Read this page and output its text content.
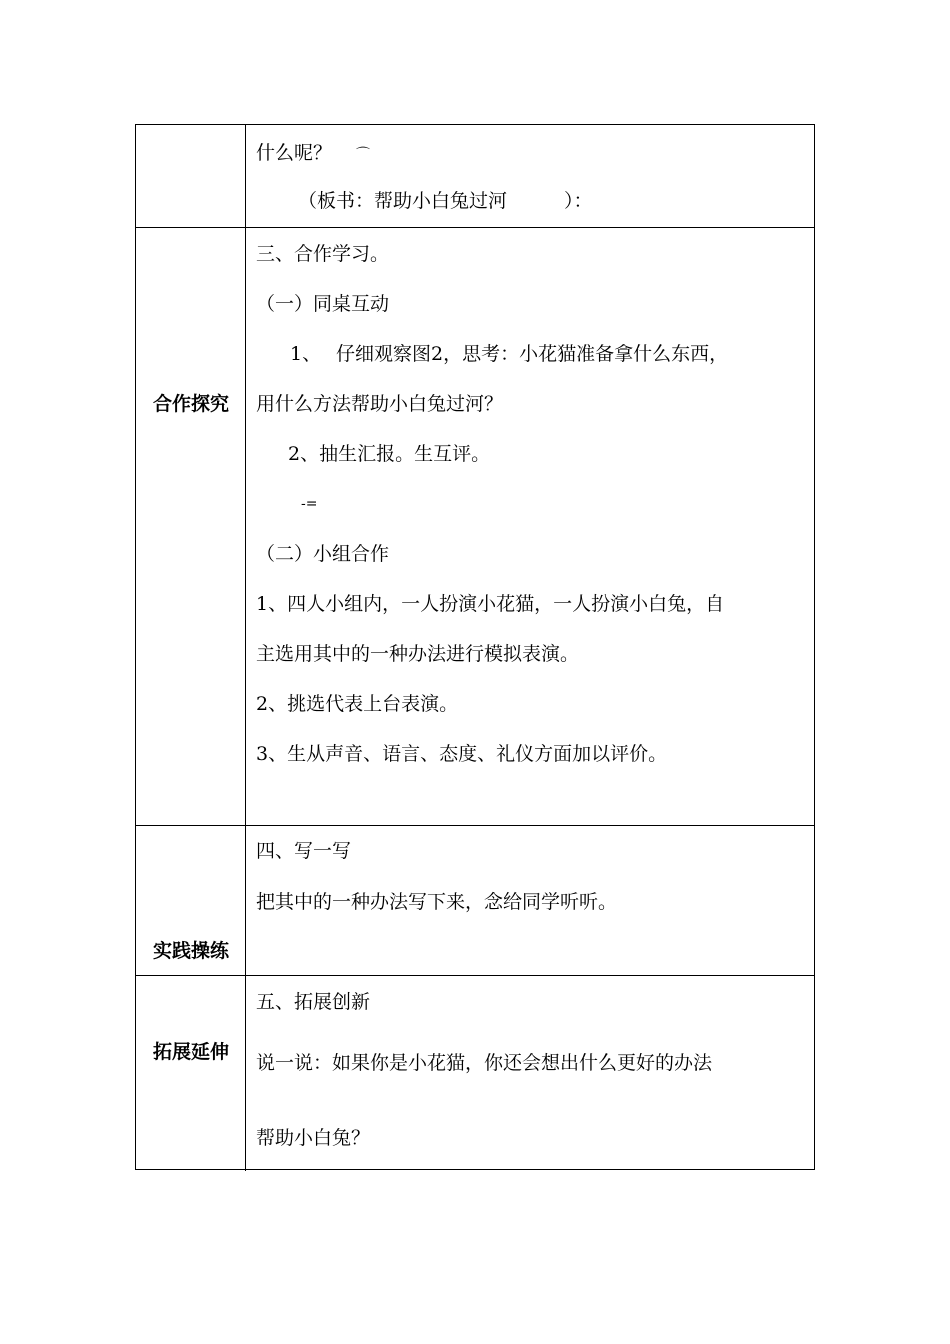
什么呢？ ⌒
（板书：帮助小白兔过河	）：
合作探究
三、合作学习。
（一）同桌互动
1、 仔细观察图2，思考：小花猫准备拿什么东西，
用什么方法帮助小白兔过河？
2、抽生汇报。生互评。
-=
（二）小组合作
1、四人小组内，一人扮演小花猫，一人扮演小白兔，自
主选用其中的一种办法进行模拟表演。
2、挑选代表上台表演。
3、生从声音、语言、态度、礼仪方面加以评价。
实践操练
四、写一写
把其中的一种办法写下来，念给同学听听。
拓展延伸
五、拓展创新
说一说：如果你是小花猫，你还会想出什么更好的办法
帮助小白兔？
